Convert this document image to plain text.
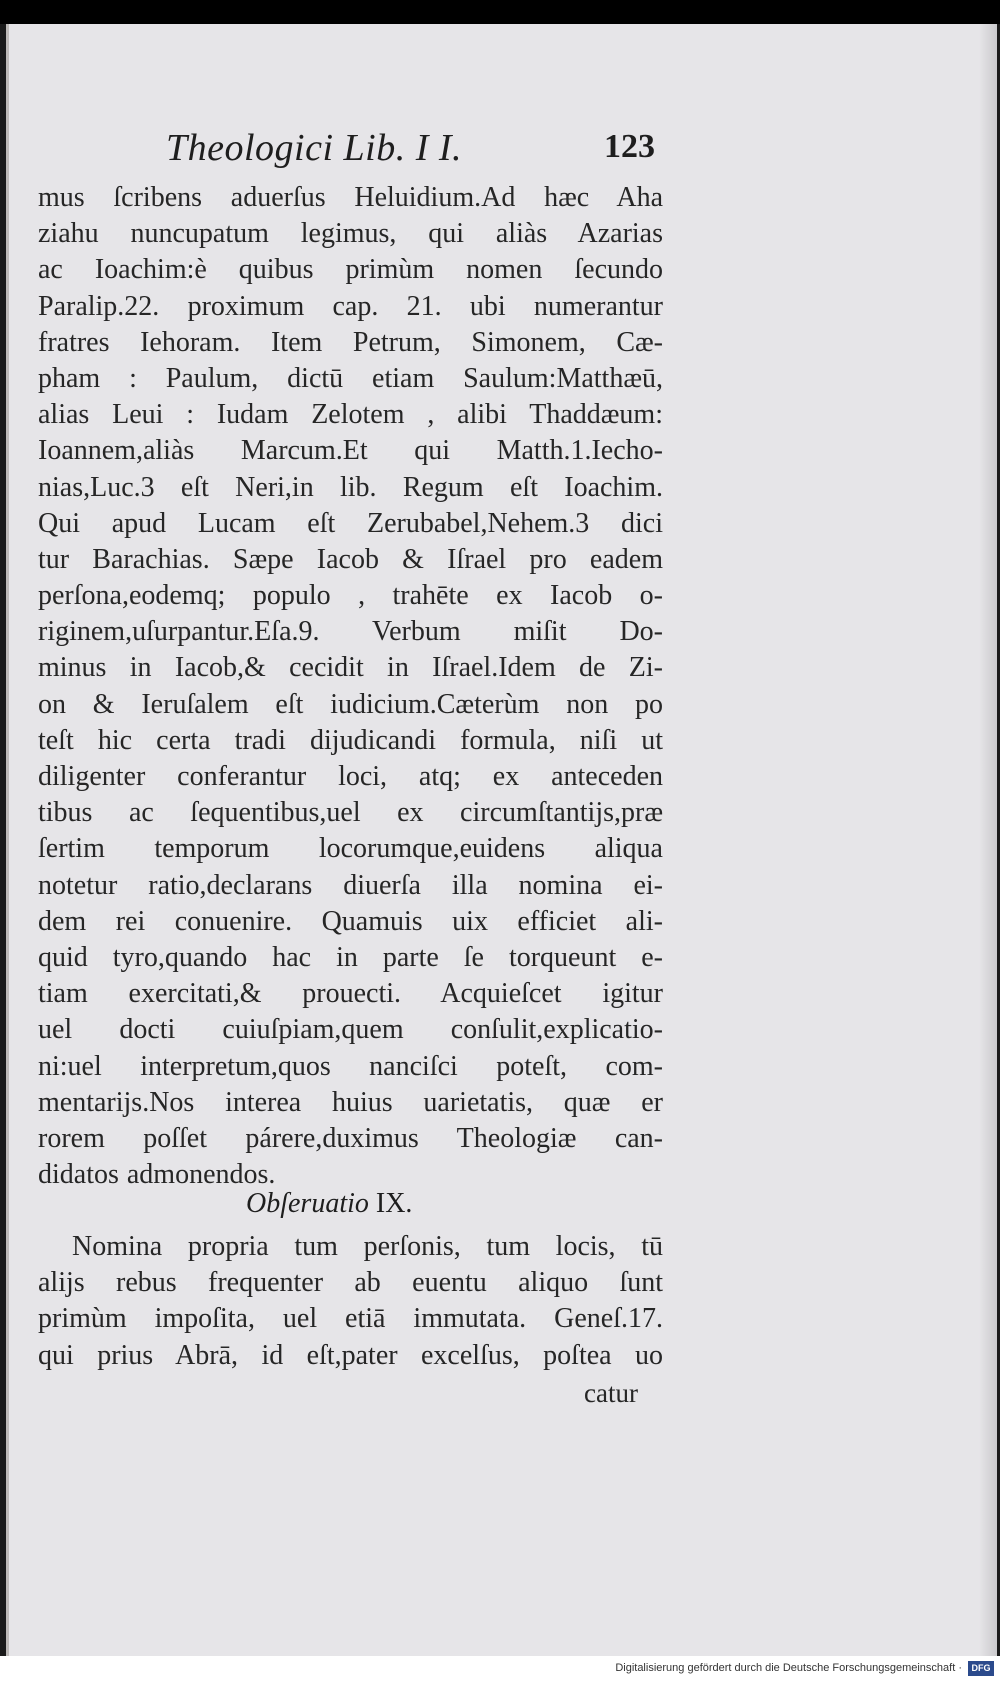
Theologici Lib. I I.	123
mus ſcribens aduerſus Heluidium.Ad hæc Aha
ziahu nuncupatum legimus, qui aliàs Azarias
ac Ioachim:è quibus primùm nomen ſecundo
Paralip.22. proximum cap. 21. ubi numerantur
fratres Iehoram. Item Petrum, Simonem, Cæ-
pham : Paulum, dictū etiam Saulum:Matthæū,
alias Leui : Iudam Zelotem , alibi Thaddæum:
Ioannem,aliàs Marcum.Et qui Matth.1.Iecho-
nias,Luc.3 eſt Neri,in lib. Regum eſt Ioachim.
Qui apud Lucam eſt Zerubabel,Nehem.3 dici
tur Barachias. Sæpe Iacob & Iſrael pro eadem
perſona,eodemq; populo , trahēte ex Iacob o-
riginem,uſurpantur.Eſa.9. Verbum miſit Do-
minus in Iacob,& cecidit in Iſrael.Idem de Zi-
on & Ieruſalem eſt iudicium.Cæterùm non po
teſt hic certa tradi dijudicandi formula, niſi ut
diligenter conferantur loci, atq; ex anteceden
tibus ac ſequentibus,uel ex circumſtantijs,præ
ſertim temporum locorumque,euidens aliqua
notetur ratio,declarans diuerſa illa nomina ei-
dem rei conuenire. Quamuis uix efficiet ali-
quid tyro,quando hac in parte ſe torqueunt e-
tiam exercitati,& prouecti. Acquieſcet igitur
uel docti cuiuſpiam,quem conſulit,explicatio-
ni:uel interpretum,quos nanciſci poteſt, com-
mentarijs.Nos interea huius uarietatis, quæ er
rorem poſſet párere,duximus Theologiæ can-
didatos admonendos.
Obſeruatio IX.
Nomina propria tum perſonis, tum locis, tū
alijs rebus frequenter ab euentu aliquo ſunt
primùm impoſita, uel etiā immutata. Geneſ.17.
qui prius Abrā, id eſt,pater excelſus, poſtea uo
catur
Digitalisierung gefördert durch die Deutsche Forschungsgemeinschaft ·	DFG
